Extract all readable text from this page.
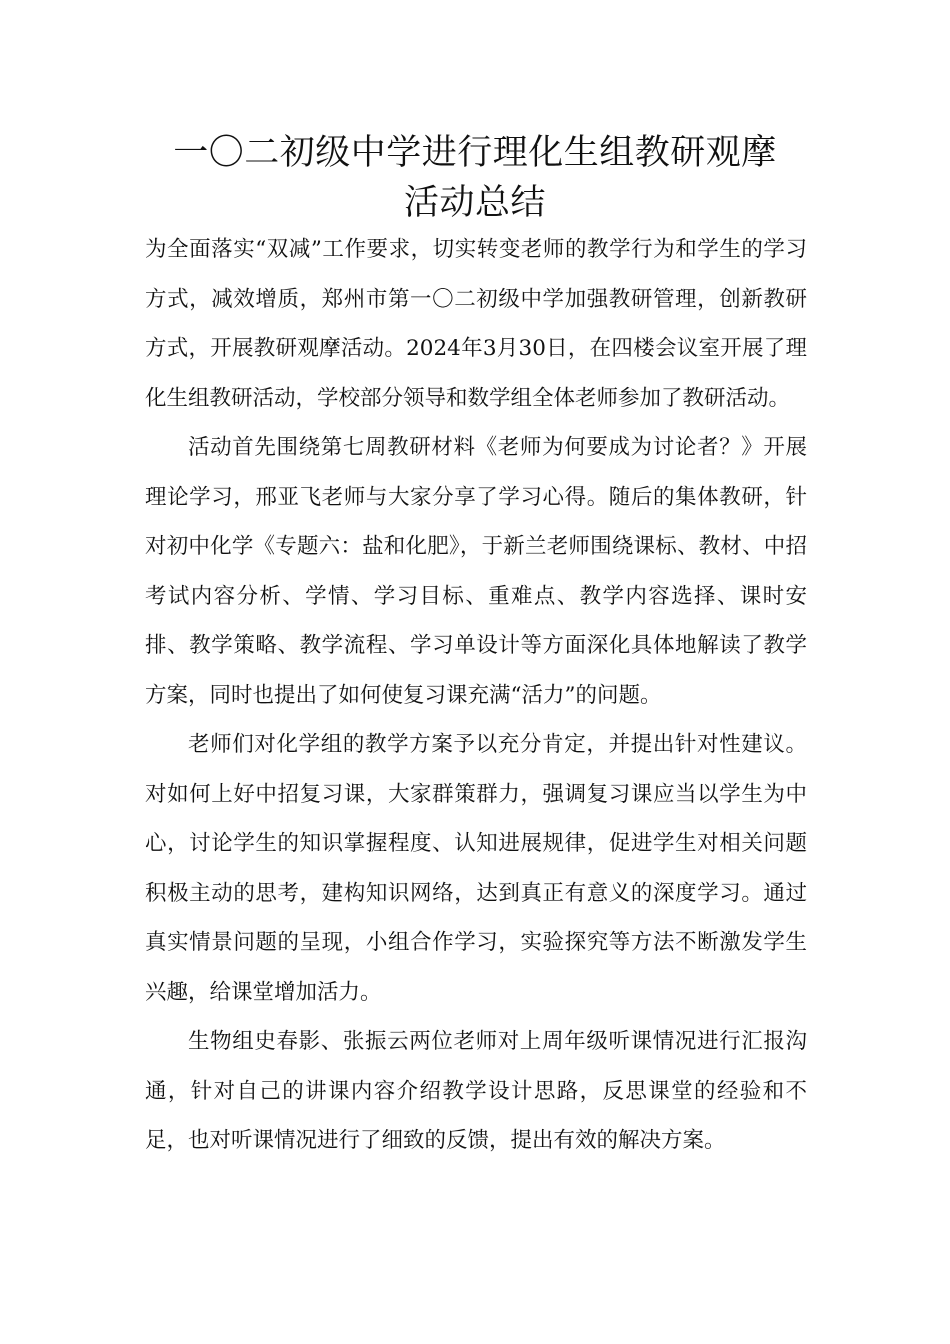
一〇二初级中学进行理化生组教研观摩
活动总结

为全面落实“双减”工作要求，切实转变老师的教学行为和学生的学习方式，减效增质，郑州市第一〇二初级中学加强教研管理，创新教研方式，开展教研观摩活动。2024年3月30日，在四楼会议室开展了理化生组教研活动，学校部分领导和数学组全体老师参加了教研活动。

活动首先围绕第七周教研材料《老师为何要成为讨论者？》开展理论学习，邢亚飞老师与大家分享了学习心得。随后的集体教研，针对初中化学《专题六：盐和化肥》，于新兰老师围绕课标、教材、中招考试内容分析、学情、学习目标、重难点、教学内容选择、课时安排、教学策略、教学流程、学习单设计等方面深化具体地解读了教学方案，同时也提出了如何使复习课充满“活力”的问题。

老师们对化学组的教学方案予以充分肯定，并提出针对性建议。对如何上好中招复习课，大家群策群力，强调复习课应当以学生为中心，讨论学生的知识掌握程度、认知进展规律，促进学生对相关问题积极主动的思考，建构知识网络，达到真正有意义的深度学习。通过真实情景问题的呈现，小组合作学习，实验探究等方法不断激发学生兴趣，给课堂增加活力。

生物组史春影、张振云两位老师对上周年级听课情况进行汇报沟通，针对自己的讲课内容介绍教学设计思路，反思课堂的经验和不足，也对听课情况进行了细致的反馈，提出有效的解决方案。
